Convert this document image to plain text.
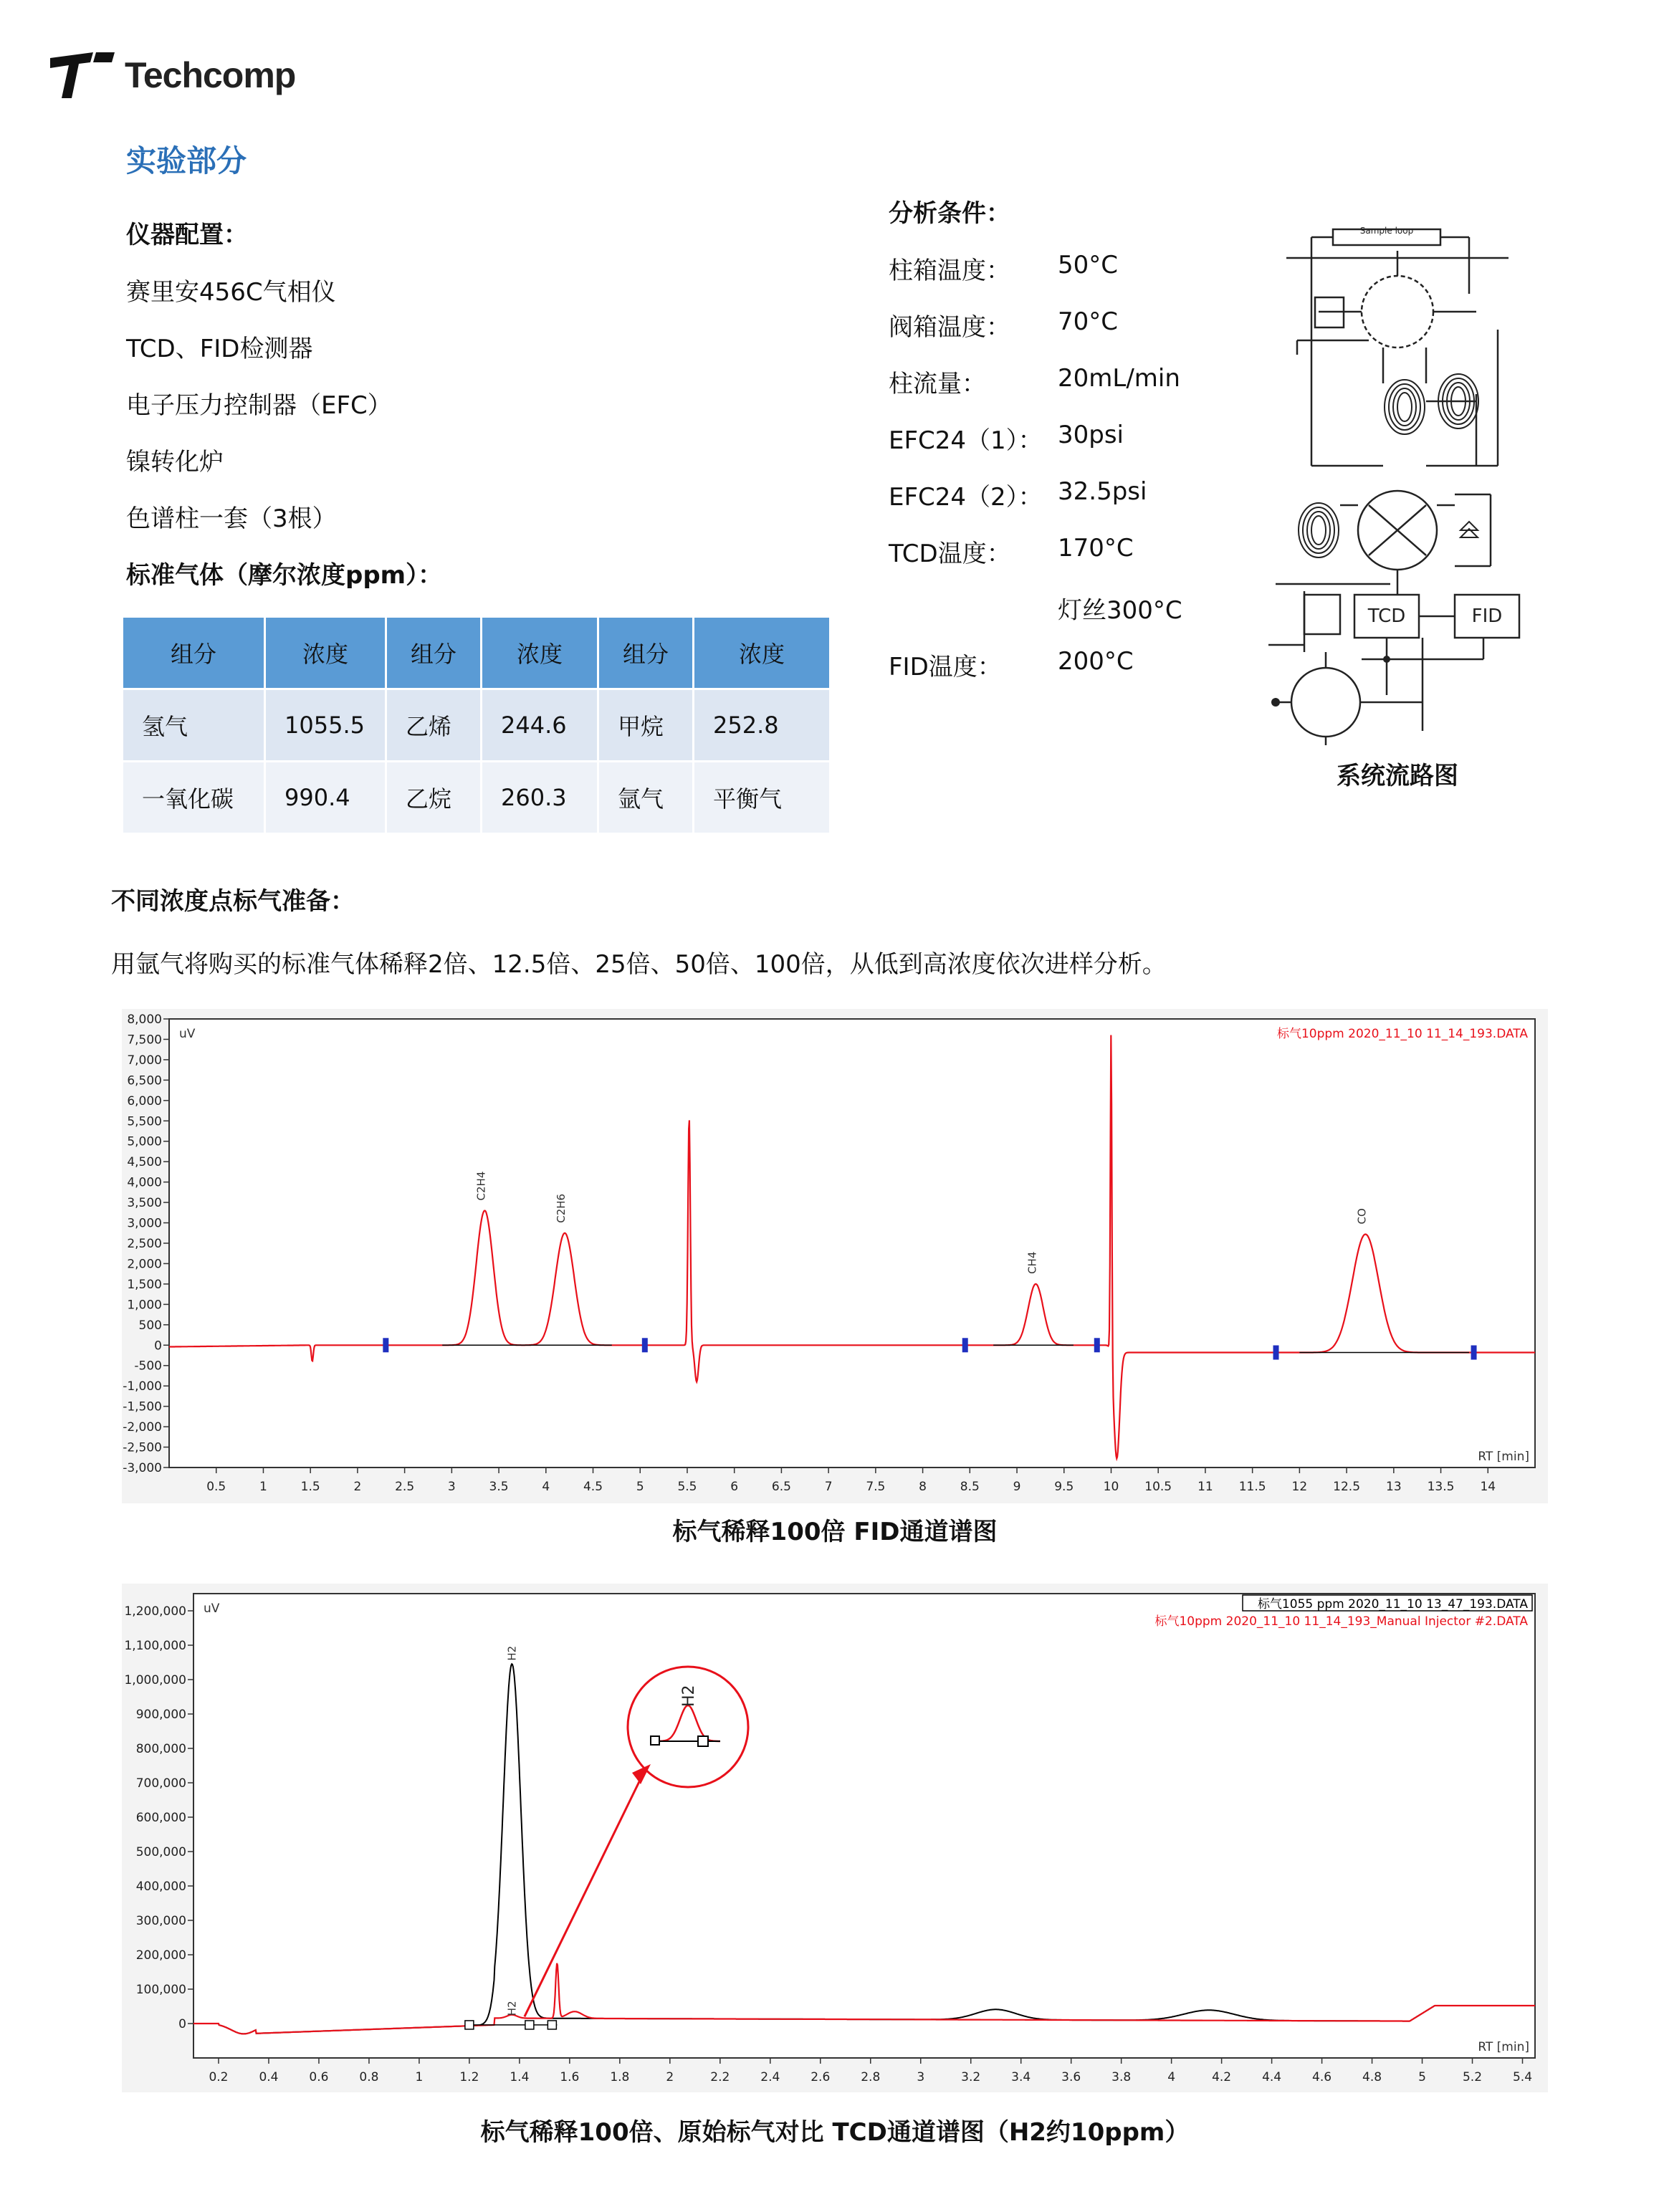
Techcomp
实验部分
仪器配置：
赛里安456C气相仪
TCD、FID检测器
电子压力控制器（EFC）
镍转化炉
色谱柱一套（3根）
标准气体（摩尔浓度ppm）：
组分	浓度	组分	浓度	组分	浓度
氢气	1055.5	乙烯	244.6	甲烷	252.8
一氧化碳	990.4	乙烷	260.3	氩气	平衡气
分析条件：
柱箱温度：	50°C
阀箱温度：	70°C
柱流量：	20mL/min
EFC24（1）： 30psi
EFC24（2）： 32.5psi
TCD温度：	170°C
灯丝300°C
FID温度：	200°C
Sample loop
TCD	FID
系统流路图
不同浓度点标气准备：
用氩气将购买的标准气体稀释2倍、12.5倍、25倍、50倍、100倍，从低到高浓度依次进样分析。
8,000
7,500
7,000
6,500
6,000
5,500
5,000
4,500
4,000
3,500
3,000
2,500
2,000
1,500
1,000
500
0
-500
-1,000
-1,500
-2,000
-2,500
-3,000
0.5	1	1.5	2	2.5	3	3.5	4	4.5	5	5.5	6	6.5	7	7.5	8	8.5	9	9.5 10 10.5 11 11.5 12 12.5 13 13.5 14
uV
RT [min]
C2H4
C2H6
CH4
CO
标气10ppm 2020_11_10 11_14_193.DATA
标气稀释100倍 FID通道谱图
1,200,000
1,100,000
1,000,000
900,000
800,000
700,000
600,000
500,000
400,000
300,000
200,000
100,000
0
0.2	0.4	0.6	0.8	1	1.2	1.4	1.6	1.8	2	2.2	2.4	2.6	2.8	3	3.2	3.4	3.6	3.8	4	4.2	4.4	4.6	4.8	5	5.2	5.4
uV
RT [min]
H2
H2
H2
标气1055 ppm 2020_11_10 13_47_193.DATA
标气10ppm 2020_11_10 11_14_193_Manual Injector #2.DATA
标气稀释100倍、原始标气对比 TCD通道谱图（H2约10ppm）
